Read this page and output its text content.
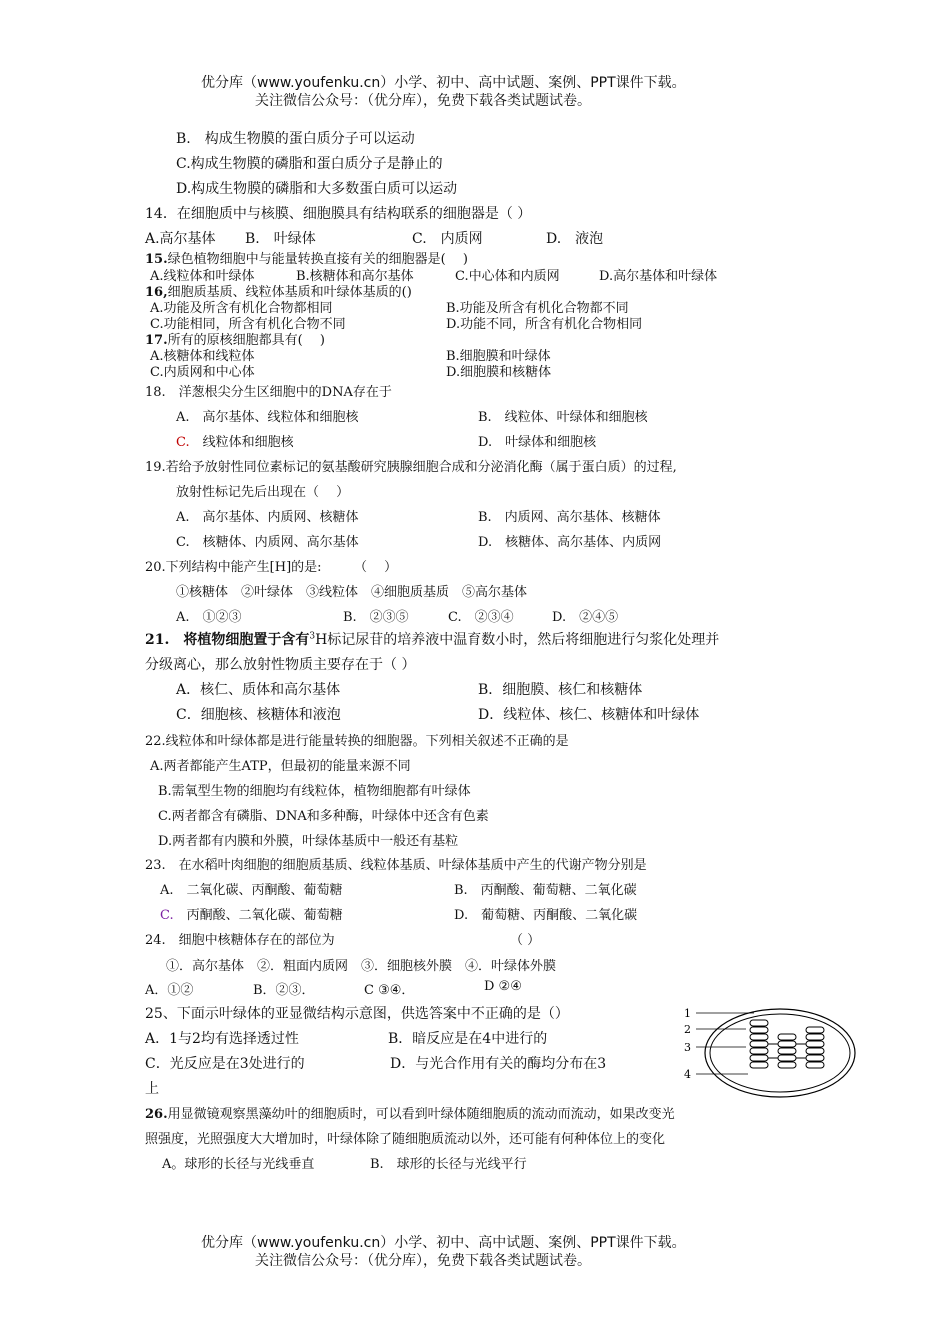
优分库（www.youfenku.cn）小学、初中、高中试题、案例、PPT课件下载。
关注微信公众号：（优分库），免费下载各类试题试卷。
B.　构成生物膜的蛋白质分子可以运动
C.构成生物膜的磷脂和蛋白质分子是静止的
D.构成生物膜的磷脂和大多数蛋白质可以运动
14．在细胞质中与核膜、细胞膜具有结构联系的细胞器是（ ）
A.高尔基体 B.　叶绿体	C.　内质网	D.　液泡
15.绿色植物细胞中与能量转换直接有关的细胞器是(　 )
A.线粒体和叶绿体	B.核糖体和高尔基体	C.中心体和内质网	D.高尔基体和叶绿体
16,细胞质基质、线粒体基质和叶绿体基质的()
A.功能及所含有机化合物都相同	B.功能及所含有机化合物都不同
C.功能相同，所含有机化合物不同	D.功能不同，所含有机化合物相同
17.所有的原核细胞都具有(　 )
A.核糖体和线粒体	B.细胞膜和叶绿体
C.内质网和中心体	D.细胞膜和核糖体
18.　洋葱根尖分生区细胞中的DNA存在于
A.　高尔基体、线粒体和细胞核	B.　线粒体、叶绿体和细胞核
C.　 线粒体和细胞核	D.　叶绿体和细胞核
19.若给予放射性同位素标记的氨基酸研究胰腺细胞合成和分泌消化酶（属于蛋白质）的过程,
放射性标记先后出现在（　 ）
A.　高尔基体、内质网、核糖体	B.　内质网、高尔基体、核糖体
C.　核糖体、内质网、高尔基体	D.　核糖体、高尔基体、内质网
20.下列结构中能产生[H]的是:　　　（　 ）
①核糖体　②叶绿体　③线粒体　④细胞质基质　⑤高尔基体
A.　①②③	B.　②③⑤	C.　②③④	D.　②④⑤
21.　将植物细胞置于含有$^3$H标记尿苷的培养液中温育数小时，然后将细胞进行匀浆化处理并
分级离心，那么放射性物质主要存在于（ ）
A．核仁、质体和高尔基体	B．细胞膜、核仁和核糖体
C．细胞核、核糖体和液泡	D．线粒体、核仁、核糖体和叶绿体
22.线粒体和叶绿体都是进行能量转换的细胞器。下列相关叙述不正确的是
A.两者都能产生ATP，但最初的能量来源不同
B.需氧型生物的细胞均有线粒体，植物细胞都有叶绿体
C.两者都含有磷脂、DNA和多种酶，叶绿体中还含有色素
D.两者都有内膜和外膜，叶绿体基质中一般还有基粒
23.　在水稻叶肉细胞的细胞质基质、线粒体基质、叶绿体基质中产生的代谢产物分别是
A.　二氧化碳、丙酮酸、葡萄糖	B.　丙酮酸、葡萄糖、二氧化碳
C.　 丙酮酸、二氧化碳、葡萄糖	D.　葡萄糖、丙酮酸、二氧化碳
24.　细胞中核糖体存在的部位为	（ ）
①．高尔基体　②．粗面内质网　③．细胞核外膜　④．叶绿体外膜
A．①②	B．②③．	C ③④．	D ②④
25、下面示叶绿体的亚显微结构示意图，供选答案中不正确的是（）
A．1与2均有选择透过性	B．暗反应是在4中进行的
C．光反应是在3处进行的	D．与光合作用有关的酶均分布在3
上
1
2
3
4
26.用显微镜观察黑藻幼叶的细胞质时，可以看到叶绿体随细胞质的流动而流动，如果改变光
照强度，光照强度大大增加时，叶绿体除了随细胞质流动以外，还可能有何种体位上的变化
A。球形的长径与光线垂直	B.　球形的长径与光线平行
优分库（www.youfenku.cn）小学、初中、高中试题、案例、PPT课件下载。
关注微信公众号：（优分库），免费下载各类试题试卷。
